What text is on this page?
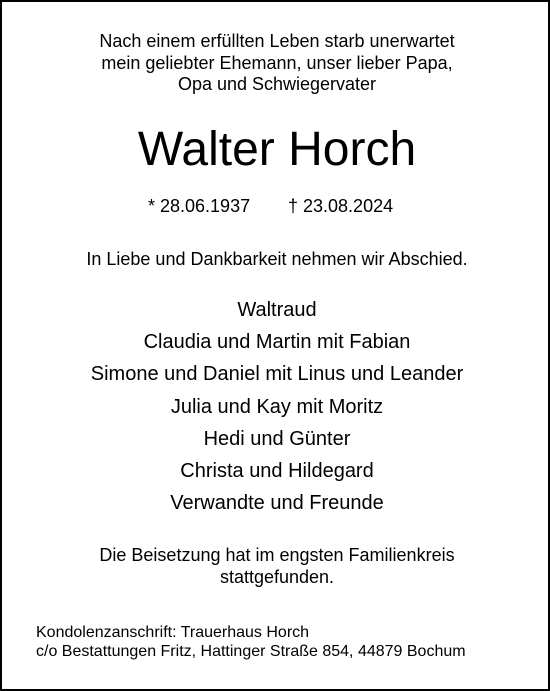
Nach einem erfüllten Leben starb unerwartet
mein geliebter Ehemann, unser lieber Papa,
Opa und Schwiegervater

Walter Horch
* 28.06.1937 † 23.08.2024

In Liebe und Dankbarkeit nehmen wir Abschied.

Waltraud
Claudia und Martin mit Fabian
Simone und Daniel mit Linus und Leander
Julia und Kay mit Moritz
Hedi und Günter
Christa und Hildegard
Verwandte und Freunde

Die Beisetzung hat im engsten Familienkreis
stattgefunden.

Kondolenzanschrift: Trauerhaus Horch
c/o Bestattungen Fritz, Hattinger Straße 854, 44879 Bochum
